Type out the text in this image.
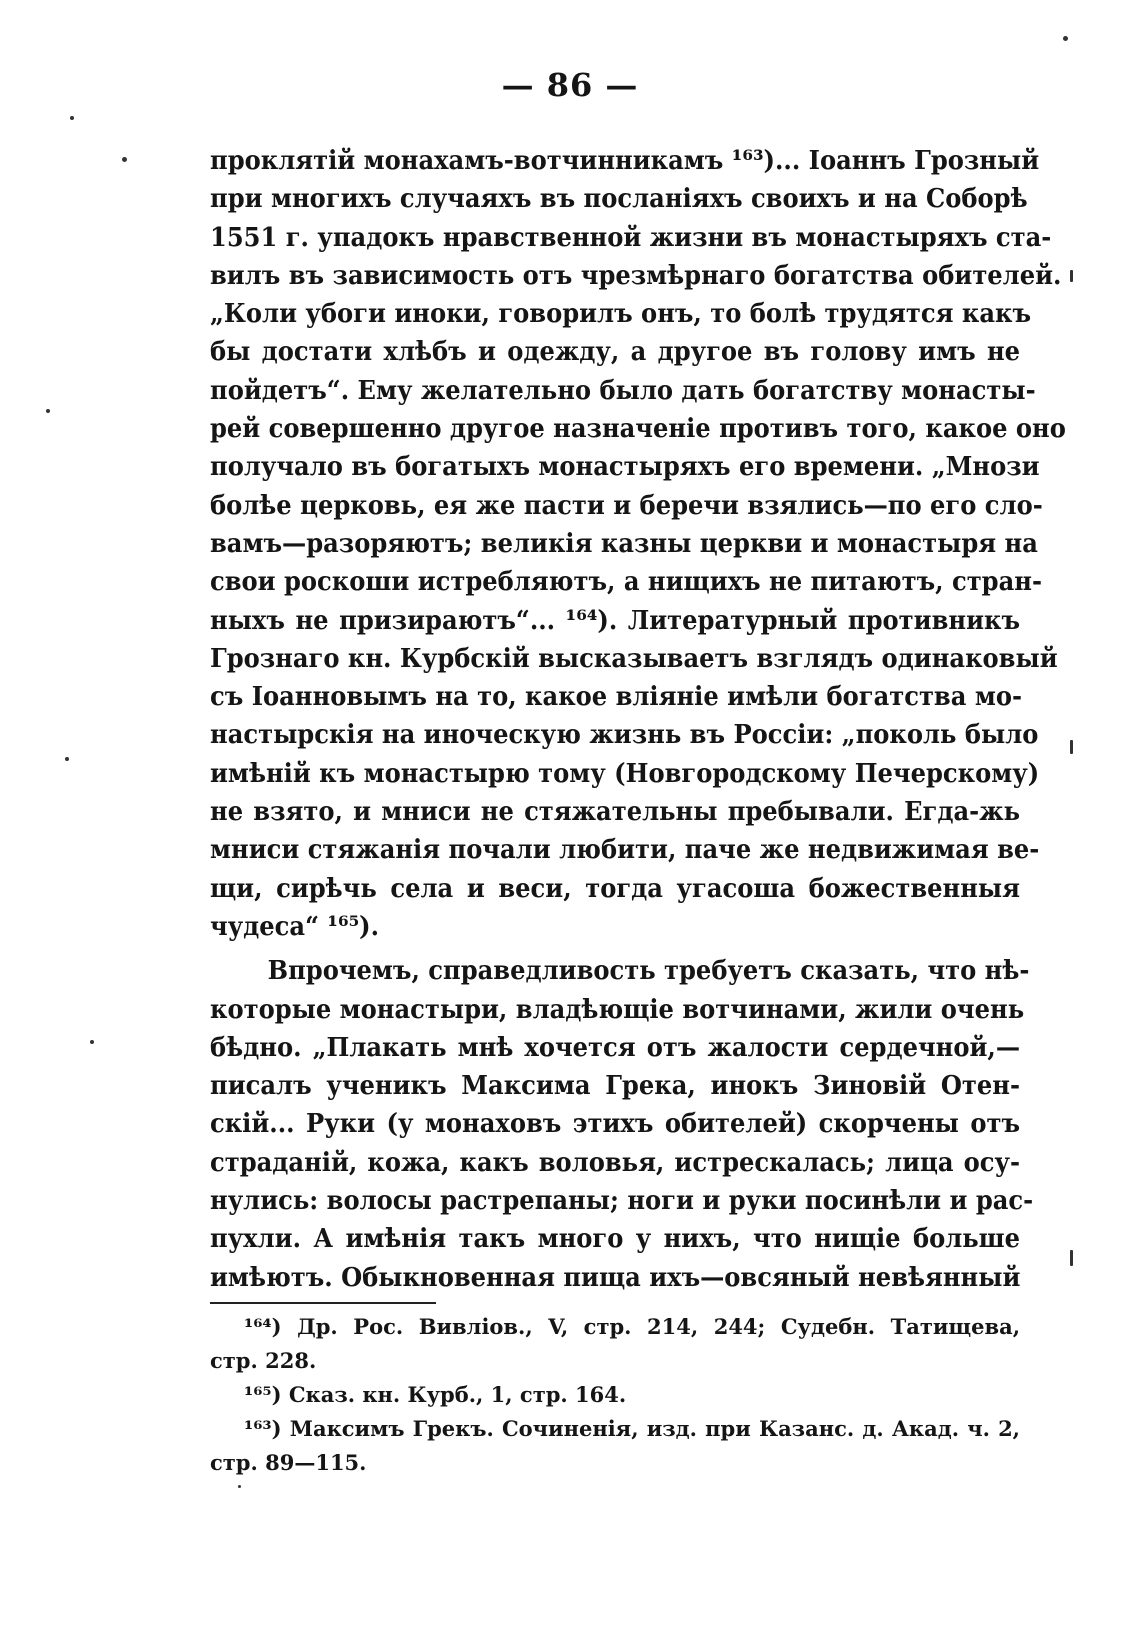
— 86 —
проклятій монахамъ-вотчинникамъ ¹⁶³)... Іоаннъ Грозный
при многихъ случаяхъ въ посланіяхъ своихъ и на Соборѣ
1551 г. упадокъ нравственной жизни въ монастыряхъ ста-
вилъ въ зависимость отъ чрезмѣрнаго богатства обителей.
„Коли убоги иноки, говорилъ онъ, то болѣ трудятся какъ
бы достати хлѣбъ и одежду, а другое въ голову имъ не
пойдетъ“. Ему желательно было дать богатству монасты-
рей совершенно другое назначеніе противъ того, какое оно
получало въ богатыхъ монастыряхъ его времени. „Мнози
болѣе церковь, ея же пасти и беречи взялись—по его сло-
вамъ—разоряютъ; великія казны церкви и монастыря на
свои роскоши истребляютъ, а нищихъ не питаютъ, стран-
ныхъ не призираютъ“... ¹⁶⁴). Литературный противникъ
Грознаго кн. Курбскій высказываетъ взглядъ одинаковый
съ Іоанновымъ на то, какое вліяніе имѣли богатства мо-
настырскія на иноческую жизнь въ Россіи: „поколь было
имѣній къ монастырю тому (Новгородскому Печерскому)
не взято, и мниси не стяжательны пребывали. Егда-жь
мниси стяжанія почали любити, паче же недвижимая ве-
щи, сирѣчь села и веси, тогда угасоша божественныя
чудеса“ ¹⁶⁵).
Впрочемъ, справедливость требуетъ сказать, что нѣ-
которые монастыри, владѣющіе вотчинами, жили очень
бѣдно. „Плакать мнѣ хочется отъ жалости сердечной,—
писалъ ученикъ Максима Грека, инокъ Зиновій Отен-
скій... Руки (у монаховъ этихъ обителей) скорчены отъ
страданій, кожа, какъ воловья, истрескалась; лица осу-
нулись: волосы растрепаны; ноги и руки посинѣли и рас-
пухли. А имѣнія такъ много у нихъ, что нищіе больше
имѣютъ. Обыкновенная пища ихъ—овсяный невѣянный
¹⁶⁴) Др. Рос. Вивліов., V, стр. 214, 244; Судебн. Татищева,
стр. 228.
¹⁶⁵) Сказ. кн. Курб., 1, стр. 164.
¹⁶³) Максимъ Грекъ. Сочиненія, изд. при Казанс. д. Акад. ч. 2,
стр. 89—115.
